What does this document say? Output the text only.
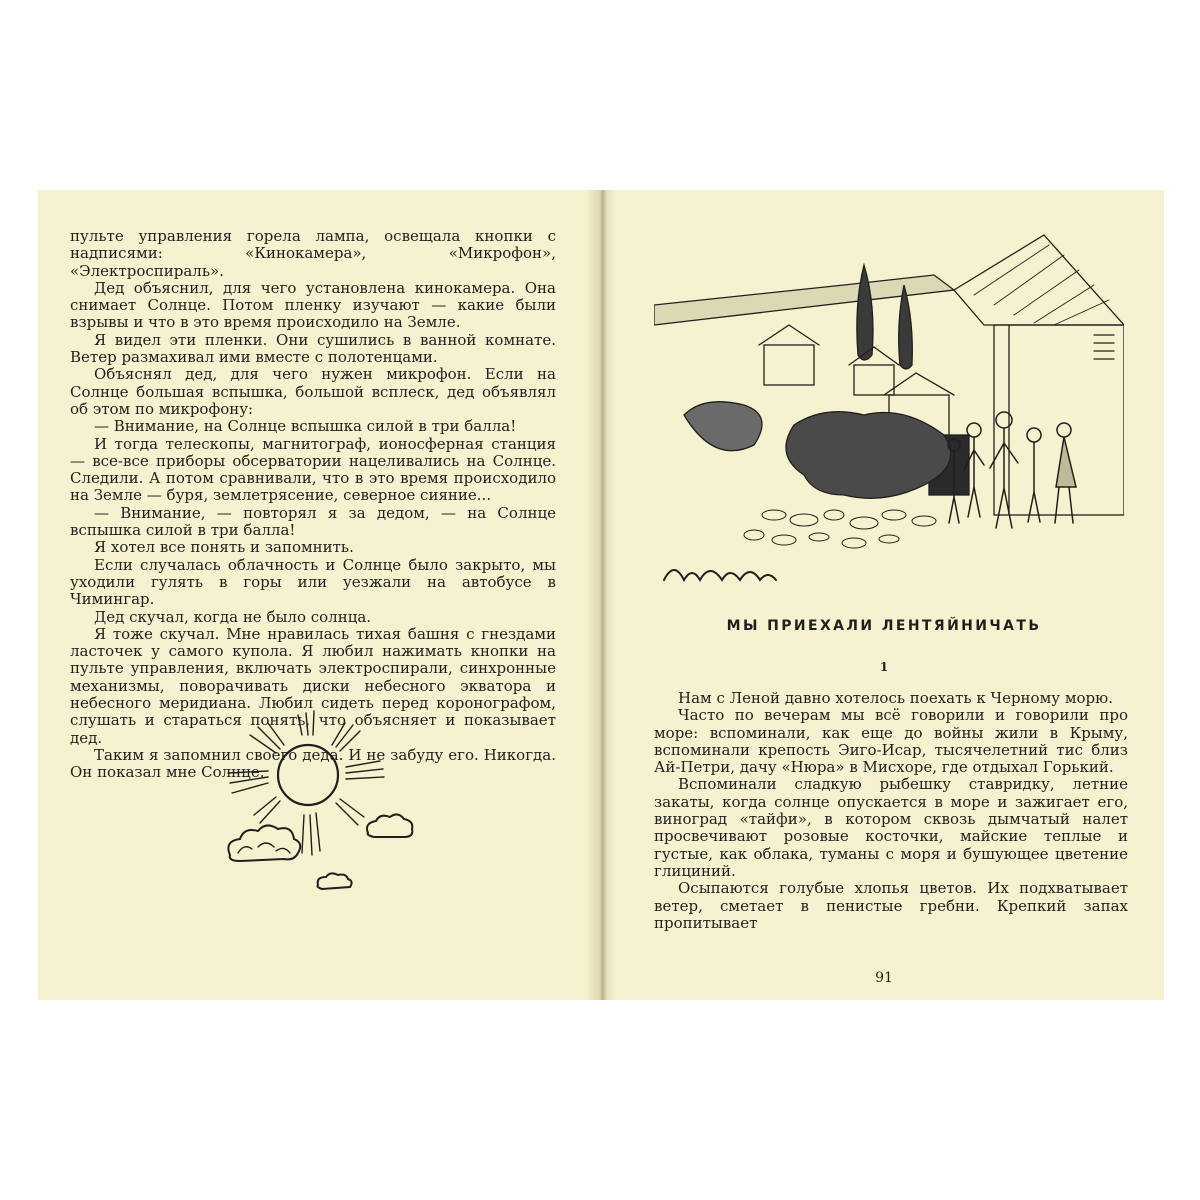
пульте управления горела лампа, освещала кнопки с надписями: «Кинокамера», «Микрофон», «Электроспираль».

Дед объяснил, для чего установлена кинокамера. Она снимает Солнце. Потом пленку изучают — какие были взрывы и что в это время происходило на Земле.

Я видел эти пленки. Они сушились в ванной комнате. Ветер размахивал ими вместе с полотенцами.

Объяснял дед, для чего нужен микрофон. Если на Солнце большая вспышка, большой всплеск, дед объявлял об этом по микрофону:

— Внимание, на Солнце вспышка силой в три балла!

И тогда телескопы, магнитограф, ионосферная станция — все-все приборы обсерватории нацеливались на Солнце. Следили. А потом сравнивали, что в это время происходило на Земле — буря, землетрясение, северное сияние...

— Внимание, — повторял я за дедом, — на Солнце вспышка силой в три балла!

Я хотел все понять и запомнить.

Если случалась облачность и Солнце было закрыто, мы уходили гулять в горы или уезжали на автобусе в Чимингар.

Дед скучал, когда не было солнца.

Я тоже скучал. Мне нравилась тихая башня с гнездами ласточек у самого купола. Я любил нажимать кнопки на пульте управления, включать электроспирали, синхронные механизмы, поворачивать диски небесного экватора и небесного меридиана. Любил сидеть перед коронографом, слушать и стараться понять, что объясняет и показывает дед.

Таким я запомнил своего деда. И не забуду его. Никогда. Он показал мне Солнце.

МЫ ПРИЕХАЛИ ЛЕНТЯЙНИЧАТЬ
1

Нам с Леной давно хотелось поехать к Черному морю.

Часто по вечерам мы всё говорили и говорили про море: вспоминали, как еще до войны жили в Крыму, вспоминали крепость Эиго-Исар, тысячелетний тис близ Ай-Петри, дачу «Нюра» в Мисхоре, где отдыхал Горький.

Вспоминали сладкую рыбешку ставридку, летние закаты, когда солнце опускается в море и зажигает его, виноград «тайфи», в котором сквозь дымчатый налет просвечивают розовые косточки, майские теплые и густые, как облака, туманы с моря и бушующее цветение глициний.

Осыпаются голубые хлопья цветов. Их подхватывает ветер, сметает в пенистые гребни. Крепкий запах пропитывает

91
